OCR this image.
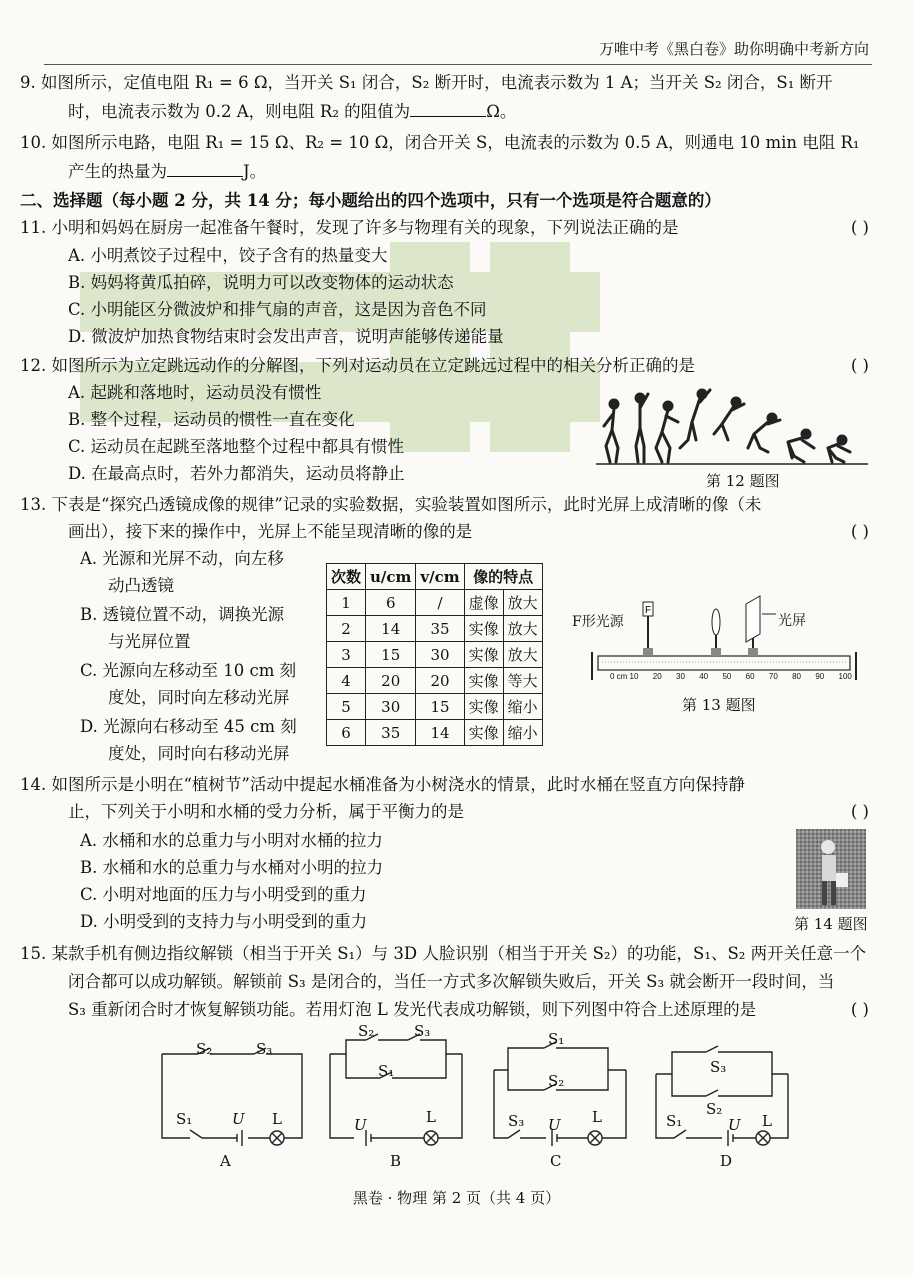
万唯中考《黑白卷》助你明确中考新方向
9. 如图所示，定值电阻 R₁ = 6 Ω，当开关 S₁ 闭合，S₂ 断开时，电流表示数为 1 A；当开关 S₂ 闭合，S₁ 断开
时，电流表示数为 0.2 A，则电阻 R₂ 的阻值为	Ω。
10. 如图所示电路，电阻 R₁ = 15 Ω、R₂ = 10 Ω，闭合开关 S，电流表的示数为 0.5 A，则通电 10 min 电阻 R₁
产生的热量为	J。
二、选择题（每小题 2 分，共 14 分；每小题给出的四个选项中，只有一个选项是符合题意的）
11. 小明和妈妈在厨房一起准备午餐时，发现了许多与物理有关的现象，下列说法正确的是	( )
A. 小明煮饺子过程中，饺子含有的热量变大
B. 妈妈将黄瓜拍碎，说明力可以改变物体的运动状态
C. 小明能区分微波炉和排气扇的声音，这是因为音色不同
D. 微波炉加热食物结束时会发出声音，说明声能够传递能量
12. 如图所示为立定跳远动作的分解图，下列对运动员在立定跳远过程中的相关分析正确的是	( )
A. 起跳和落地时，运动员没有惯性
B. 整个过程，运动员的惯性一直在变化
C. 运动员在起跳至落地整个过程中都具有惯性
D. 在最高点时，若外力都消失，运动员将静止	第 12 题图
13. 下表是“探究凸透镜成像的规律”记录的实验数据，实验装置如图所示，此时光屏上成清晰的像（未
画出），接下来的操作中，光屏上不能呈现清晰的像的是	( )
A. 光源和光屏不动，向左移
动凸透镜
B. 透镜位置不动，调换光源
与光屏位置
C. 光源向左移动至 10 cm 刻
度处，同时向左移动光屏
D. 光源向右移动至 45 cm 刻
度处，同时向右移动光屏
次数	u/cm	v/cm	像的特点	
1	6	/	虚像	放大
2	14	35	实像	放大
3	15	30	实像	放大
4	20	20	实像	等大
5	30	15	实像	缩小
6	35	14	实像	缩小
F
F形光源	光屏
0 cm 10 20 30 40 50 60 70 80 90 100
第 13 题图
14. 如图所示是小明在“植树节”活动中提起水桶准备为小树浇水的情景，此时水桶在竖直方向保持静
止，下列关于小明和水桶的受力分析，属于平衡力的是	( )
A. 水桶和水的总重力与小明对水桶的拉力
B. 水桶和水的总重力与水桶对小明的拉力
C. 小明对地面的压力与小明受到的重力
D. 小明受到的支持力与小明受到的重力	第 14 题图
15. 某款手机有侧边指纹解锁（相当于开关 S₁）与 3D 人脸识别（相当于开关 S₂）的功能，S₁、S₂ 两开关任意一个
闭合都可以成功解锁。解锁前 S₃ 是闭合的，当任一方式多次解锁失败后，开关 S₃ 就会断开一段时间，当
S₃ 重新闭合时才恢复解锁功能。若用灯泡 L 发光代表成功解锁，则下列图中符合上述原理的是	( )
S₂	S₃
S₁	U L
A
S₂	S₃
S₁
U	L
B
S₁
S₂
S₃ U L
C
S₃
S₂
S₁	U L
D
黑卷 · 物理 第 2 页（共 4 页）
